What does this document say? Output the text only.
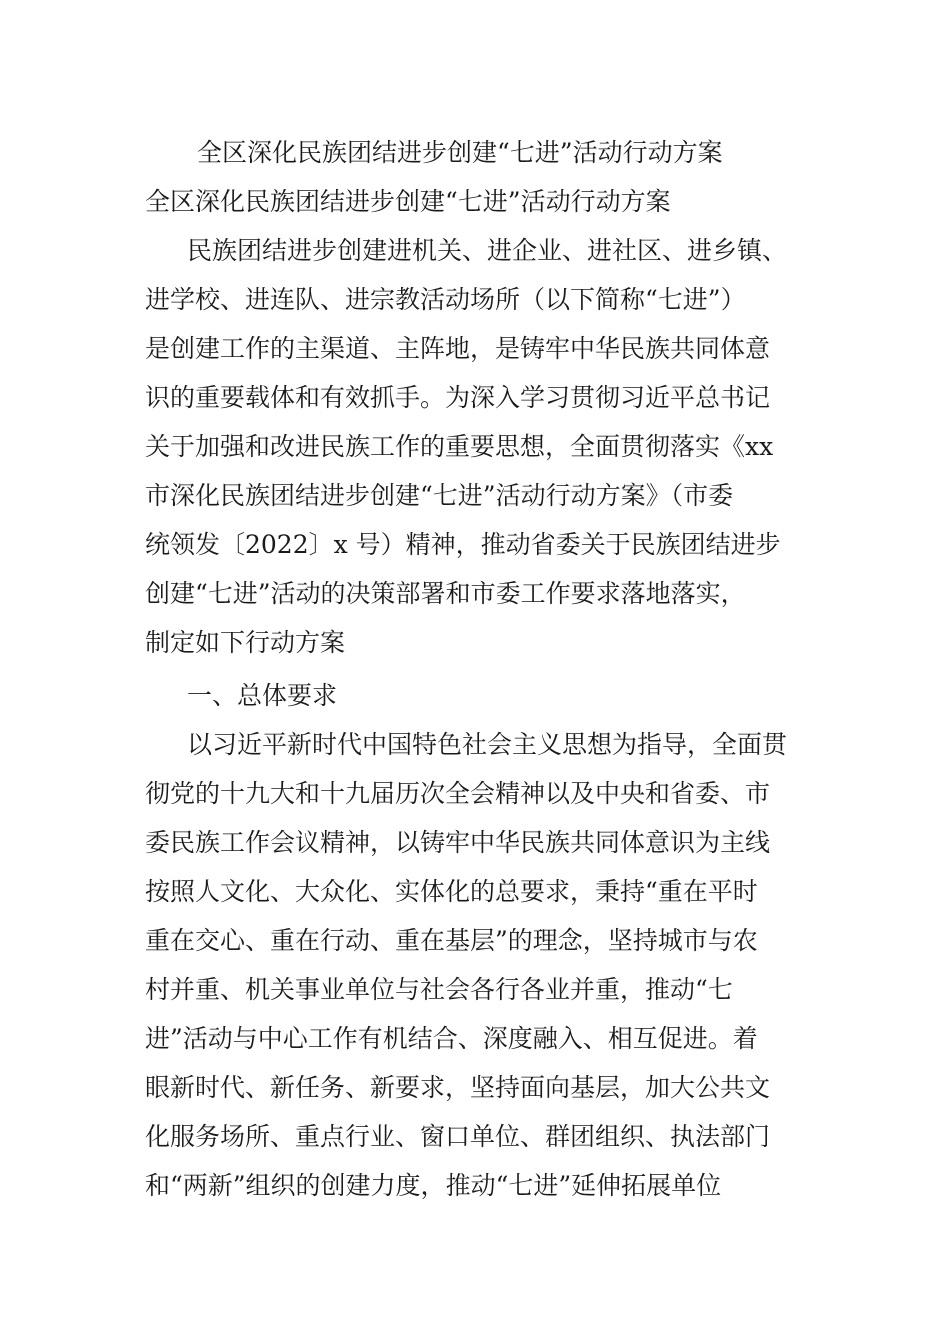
全区深化民族团结进步创建“七进”活动行动方案
全区深化民族团结进步创建“七进”活动行动方案

民族团结进步创建进机关、进企业、进社区、进乡镇、

进学校、进连队、进宗教活动场所（以下简称“七进”）

是创建工作的主渠道、主阵地，是铸牢中华民族共同体意

识的重要载体和有效抓手。为深入学习贯彻习近平总书记

关于加强和改进民族工作的重要思想，全面贯彻落实《xx

市深化民族团结进步创建“七进”活动行动方案》（市委

统领发〔2022〕x 号）精神，推动省委关于民族团结进步

创建“七进”活动的决策部署和市委工作要求落地落实，

制定如下行动方案

一、总体要求

以习近平新时代中国特色社会主义思想为指导，全面贯

彻党的十九大和十九届历次全会精神以及中央和省委、市

委民族工作会议精神，以铸牢中华民族共同体意识为主线

按照人文化、大众化、实体化的总要求，秉持“重在平时

重在交心、重在行动、重在基层”的理念，坚持城市与农

村并重、机关事业单位与社会各行各业并重，推动“七

进”活动与中心工作有机结合、深度融入、相互促进。着

眼新时代、新任务、新要求，坚持面向基层，加大公共文

化服务场所、重点行业、窗口单位、群团组织、执法部门

和“两新”组织的创建力度，推动“七进”延伸拓展单位
